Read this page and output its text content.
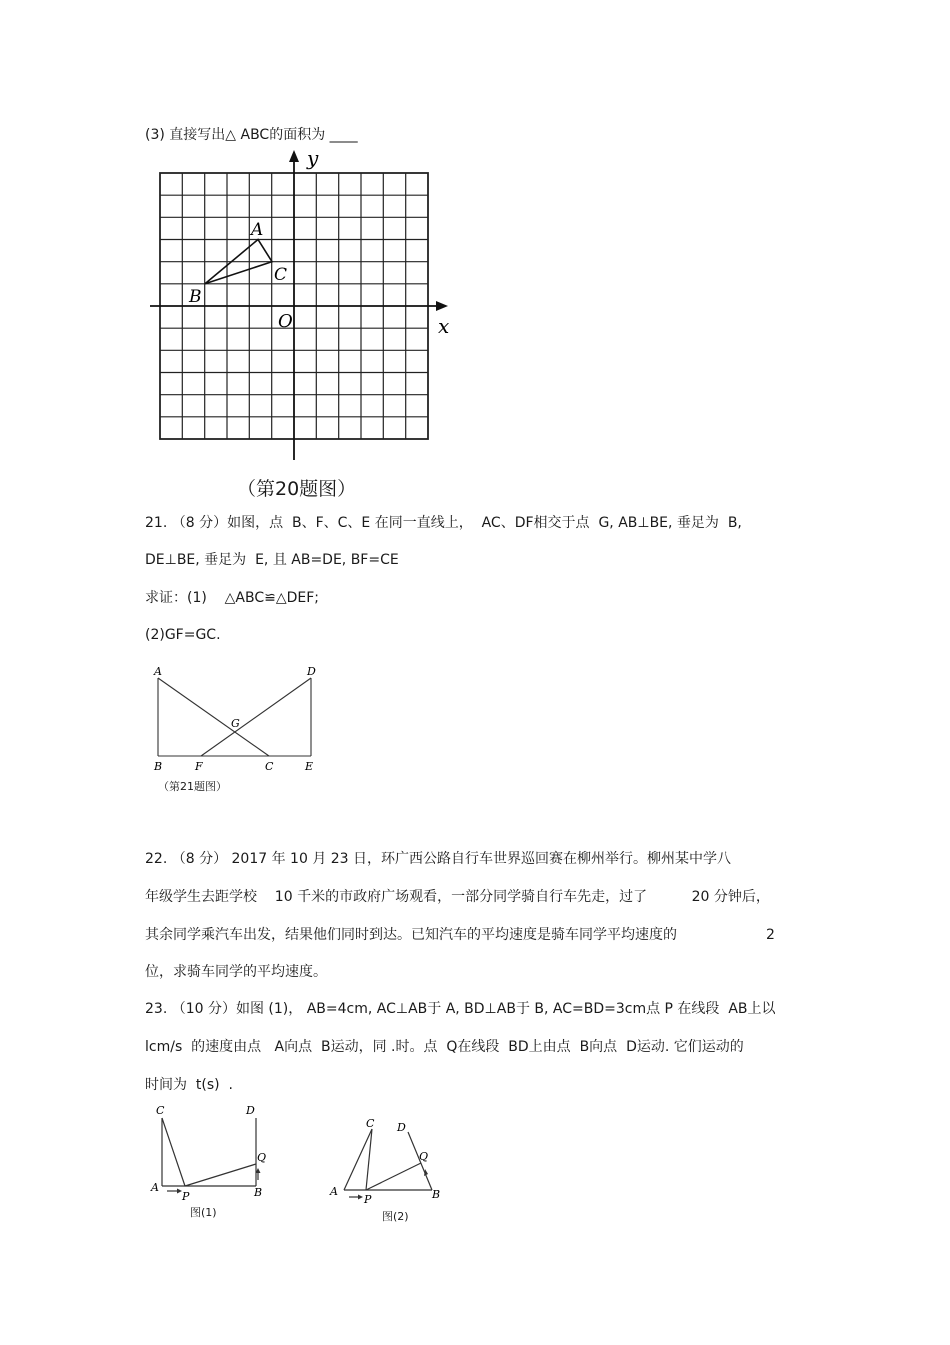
(3) 直接写出△ ABC的面积为 ____
y
x
O
A
B
C
（第20题图）
21. （8 分）如图，点  B、F、C、E 在同一直线上，  AC、DF相交于点  G, AB⊥BE, 垂足为  B,
DE⊥BE, 垂足为  E, 且 AB=DE, BF=CE
求证：(1)    △ABC≌△DEF;
(2)GF=GC.
A	D
G
B	F	C	E
（第21题图）
22. （8 分） 2017 年 10 月 23 日，环广西公路自行车世界巡回赛在柳州举行。柳州某中学八
年级学生去距学校    10 千米的市政府广场观看，一部分同学骑自行车先走，过了          20 分钟后，
其余同学乘汽车出发，结果他们同时到达。已知汽车的平均速度是骑车同学平均速度的                    2
位，求骑车同学的平均速度。
23. （10 分）如图 (1)， AB=4cm, AC⊥AB于 A, BD⊥AB于 B, AC=BD=3cm点 P 在线段  AB上以
lcm/s  的速度由点   A向点  B运动，同 .时。点  Q在线段  BD上由点  B向点  D运动. 它们运动的
时间为  t(s)  .
C	D
Q
A
P	B
图(1)
C D
Q
A
P	B
图(2)
